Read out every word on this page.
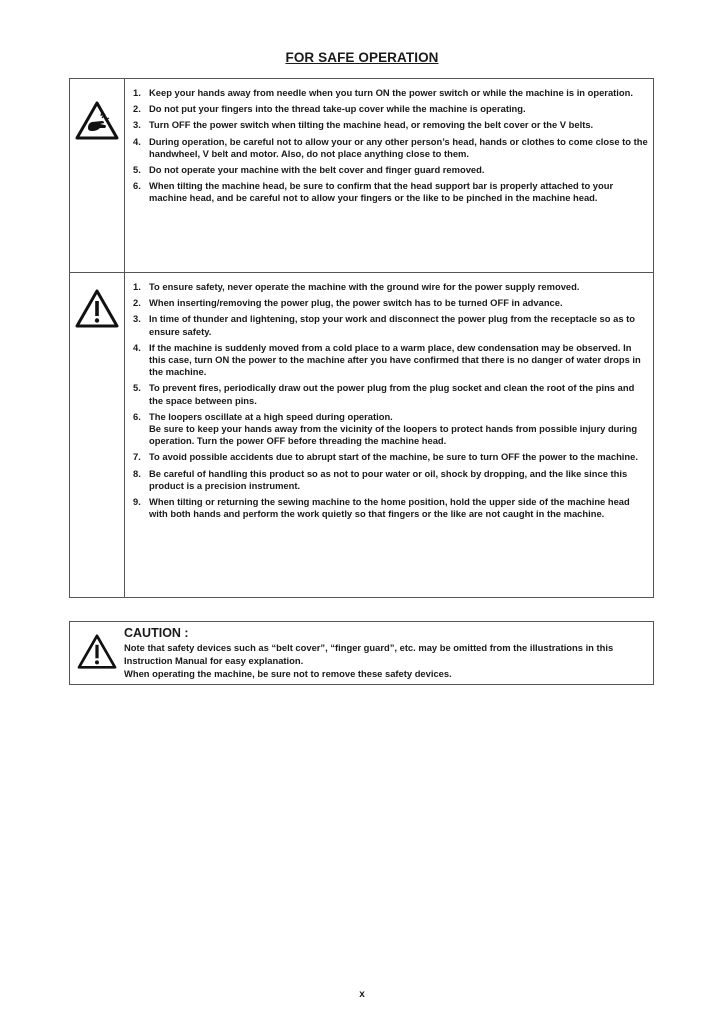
FOR SAFE OPERATION
1. Keep your hands away from needle when you turn ON the power switch or while the machine is in operation.
2. Do not put your fingers into the thread take-up cover while the machine is operating.
3. Turn OFF the power switch when tilting the machine head, or removing the belt cover or the V belts.
4. During operation, be careful not to allow your or any other person’s head, hands or clothes to come close to the handwheel, V belt and motor. Also, do not place anything close to them.
5. Do not operate your machine with the belt cover and finger guard removed.
6. When tilting the machine head, be sure to confirm that the head support bar is properly attached to your machine head, and be careful not to allow your fingers or the like to be pinched in the machine head.
1. To ensure safety, never operate the machine with the ground wire for the power supply removed.
2. When inserting/removing the power plug, the power switch has to be turned OFF in advance.
3. In time of thunder and lightening, stop your work and disconnect the power plug from the receptacle so as to ensure safety.
4. If the machine is suddenly moved from a cold place to a warm place, dew condensation may be observed. In this case, turn ON the power to the machine after you have confirmed that there is no danger of water drops in the machine.
5. To prevent fires, periodically draw out the power plug from the plug socket and clean the root of the pins and the space between pins.
6. The loopers oscillate at a high speed during operation.
Be sure to keep your hands away from the vicinity of the loopers to protect hands from possible injury during operation. Turn the power OFF before threading the machine head.
7. To avoid possible accidents due to abrupt start of the machine, be sure to turn OFF the power to the machine.
8. Be careful of handling this product so as not to pour water or oil, shock by dropping, and the like since this product is a precision instrument.
9. When tilting or returning the sewing machine to the home position, hold the upper side of the machine head with both hands and perform the work quietly so that fingers or the like are not caught in the machine.
CAUTION :
Note that safety devices such as “belt cover”, “finger guard”, etc. may be omitted from the illustrations in this Instruction Manual for easy explanation.
When operating the machine, be sure not to remove these safety devices.
x
